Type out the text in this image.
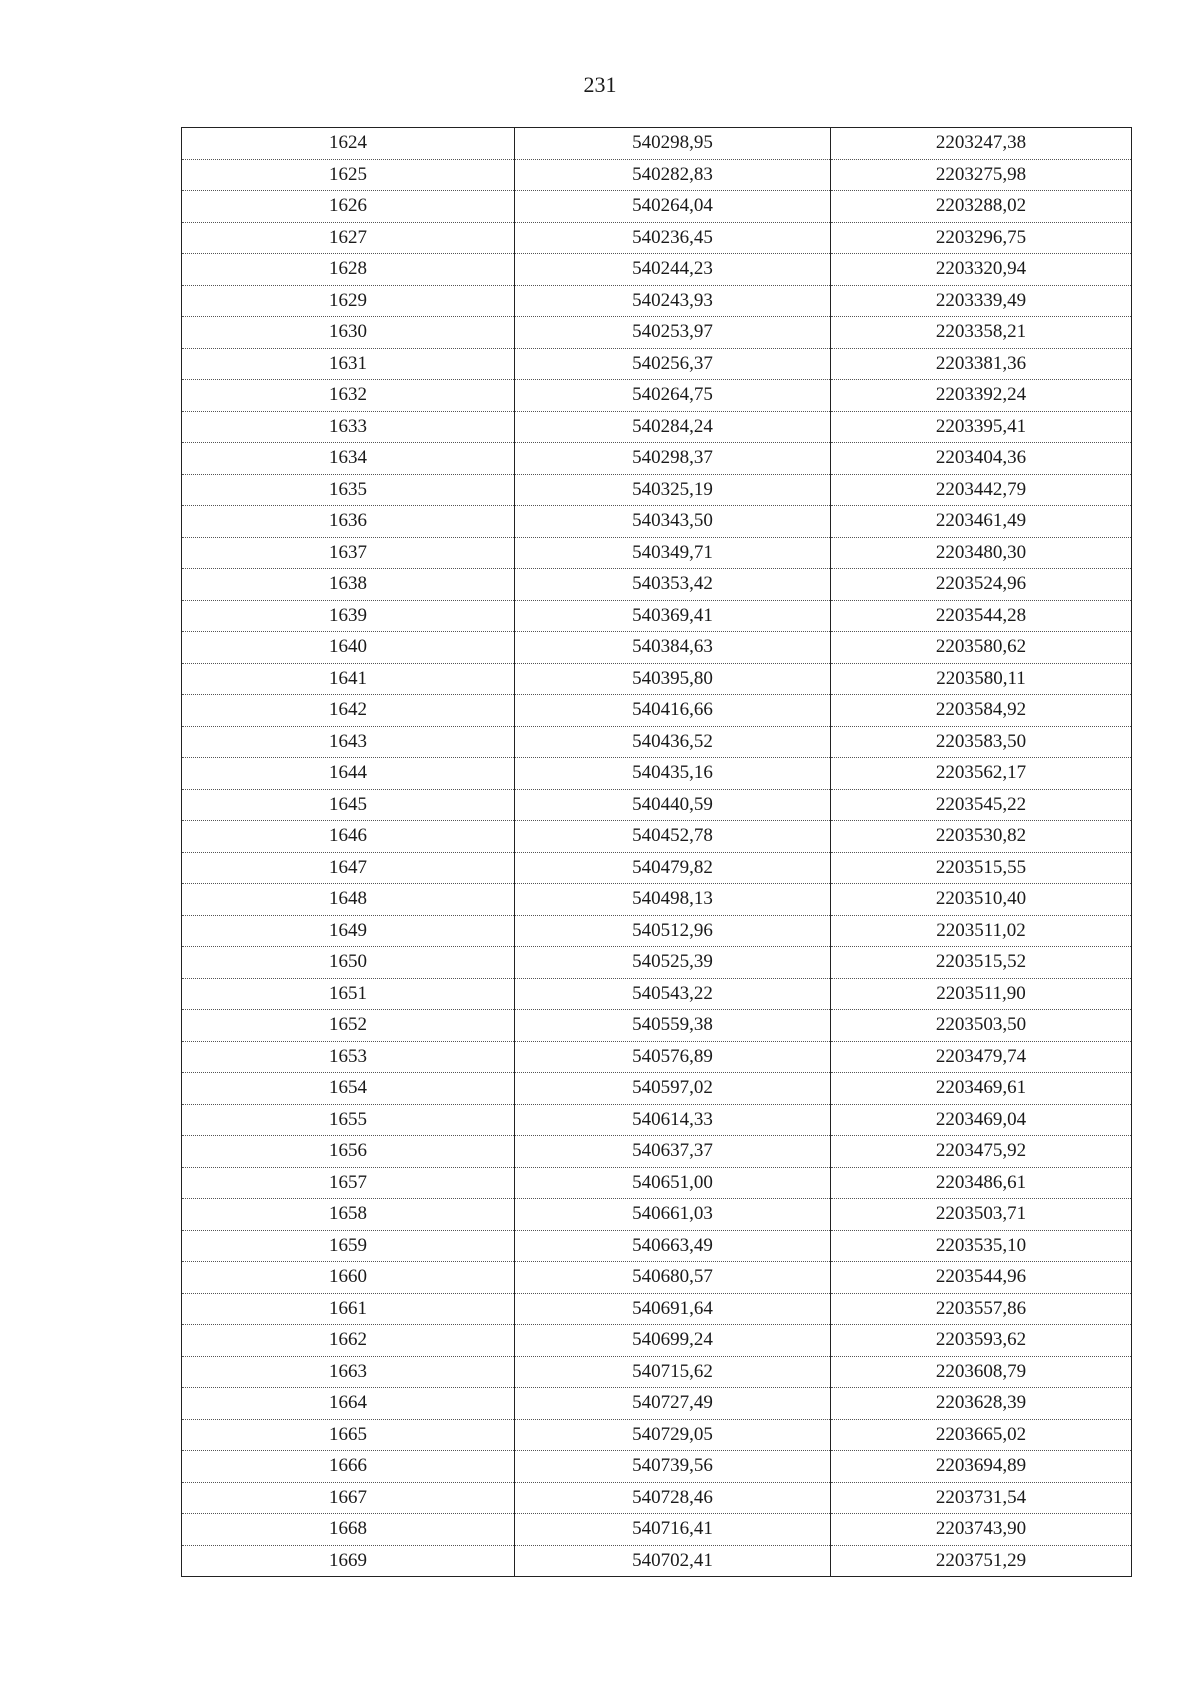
231
1624	540298,95	2203247,38
1625	540282,83	2203275,98
1626	540264,04	2203288,02
1627	540236,45	2203296,75
1628	540244,23	2203320,94
1629	540243,93	2203339,49
1630	540253,97	2203358,21
1631	540256,37	2203381,36
1632	540264,75	2203392,24
1633	540284,24	2203395,41
1634	540298,37	2203404,36
1635	540325,19	2203442,79
1636	540343,50	2203461,49
1637	540349,71	2203480,30
1638	540353,42	2203524,96
1639	540369,41	2203544,28
1640	540384,63	2203580,62
1641	540395,80	2203580,11
1642	540416,66	2203584,92
1643	540436,52	2203583,50
1644	540435,16	2203562,17
1645	540440,59	2203545,22
1646	540452,78	2203530,82
1647	540479,82	2203515,55
1648	540498,13	2203510,40
1649	540512,96	2203511,02
1650	540525,39	2203515,52
1651	540543,22	2203511,90
1652	540559,38	2203503,50
1653	540576,89	2203479,74
1654	540597,02	2203469,61
1655	540614,33	2203469,04
1656	540637,37	2203475,92
1657	540651,00	2203486,61
1658	540661,03	2203503,71
1659	540663,49	2203535,10
1660	540680,57	2203544,96
1661	540691,64	2203557,86
1662	540699,24	2203593,62
1663	540715,62	2203608,79
1664	540727,49	2203628,39
1665	540729,05	2203665,02
1666	540739,56	2203694,89
1667	540728,46	2203731,54
1668	540716,41	2203743,90
1669	540702,41	2203751,29
